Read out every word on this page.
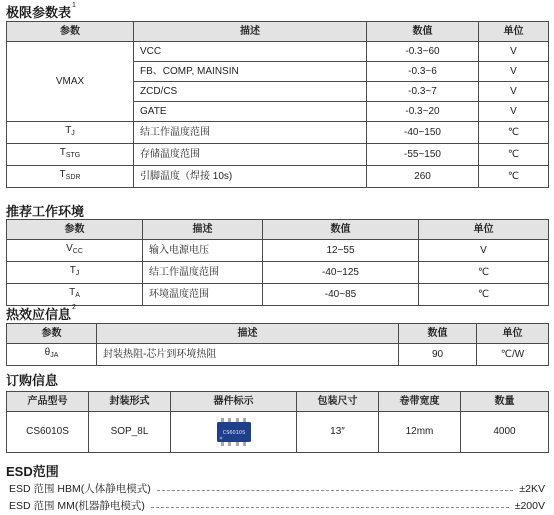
极限参数表$^1$
参数	描述	数值	单位
VMAX	VCC	-0.3~60	V
	FB、COMP, MAINSIN	-0.3~6	V
	ZCD/CS	-0.3~7	V
	GATE	-0.3~20	V
$T_J$	结工作温度范围	-40~150	℃
$T_{STG}$	存储温度范围	-55~150	℃
$T_{SDR}$	引脚温度（焊接 10s)	260	℃
推荐工作环境
参数	描述	数值	单位
$V_{CC}$	输入电源电压	12~55	V
$T_J$	结工作温度范围	-40~125	℃
$T_A$	环境温度范围	-40~85	℃
热效应信息$^2$
参数	描述	数值	单位
$\theta_{JA}$	封装热阻-芯片到环境热阻	90	℃/W
订购信息
产品型号	封装形式	器件标示	包装尺寸	卷带宽度	数量
CS6010S	SOP_8L	CS6010S	13″	12mm	4000
ESD范围
ESD 范围 HBM(人体静电模式)	±2KV
ESD 范围 MM(机器静电模式)	±200V
